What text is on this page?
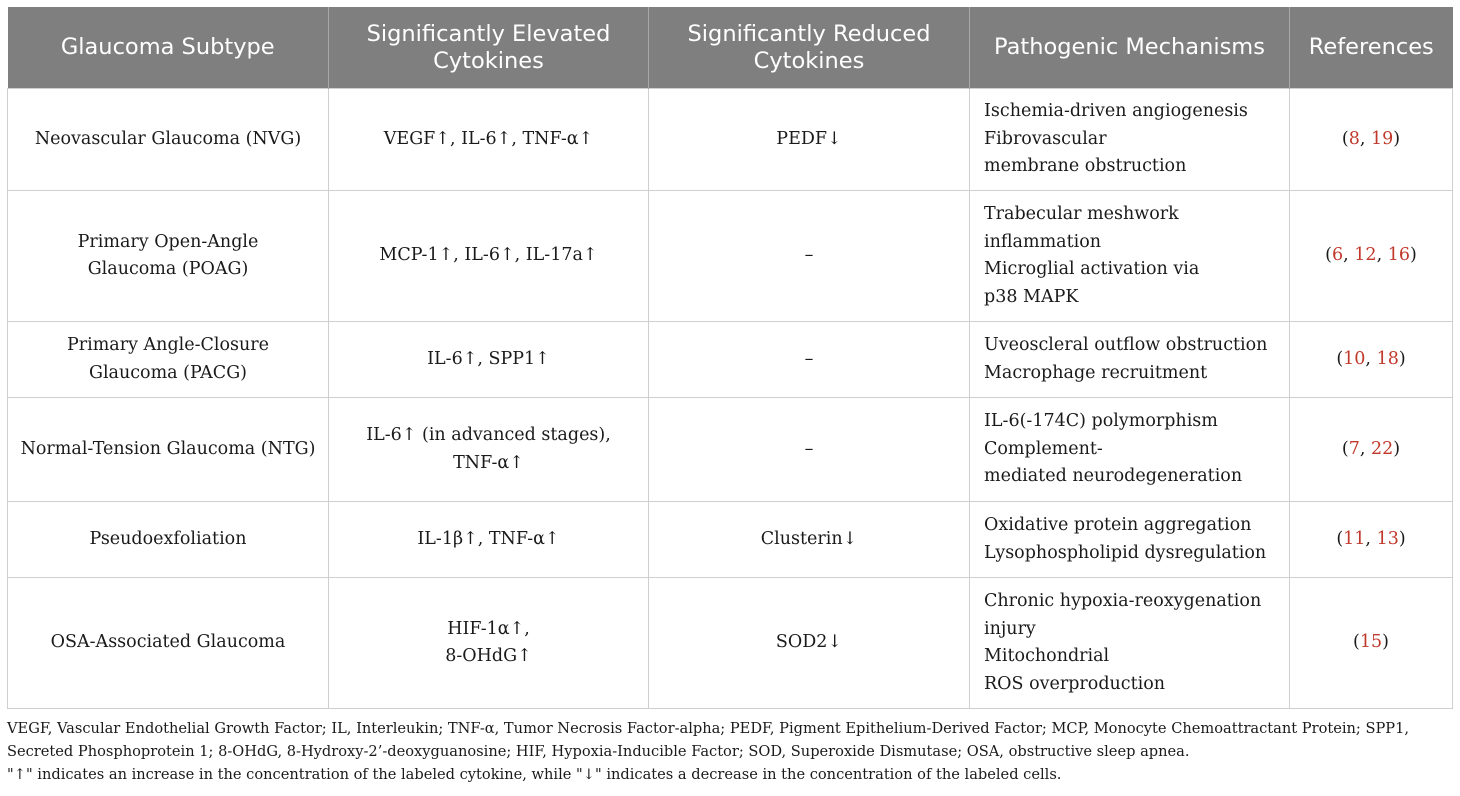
Glaucoma Subtype	Significantly Elevated Cytokines	Significantly Reduced Cytokines	Pathogenic Mechanisms	References

Neovascular Glaucoma (NVG)	VEGF↑, IL-6↑, TNF-α↑	PEDF↓	Ischemia-driven angiogenesis
Fibrovascular
membrane obstruction	(8, 19)

Primary Open-Angle
Glaucoma (POAG)	MCP-1↑, IL-6↑, IL-17a↑	–	Trabecular meshwork
inflammation
Microglial activation via
p38 MAPK	(6, 12, 16)

Primary Angle-Closure
Glaucoma (PACG)	IL-6↑, SPP1↑	–	Uveoscleral outflow obstruction
Macrophage recruitment	(10, 18)

Normal-Tension Glaucoma (NTG)	IL-6↑ (in advanced stages),
TNF-α↑	–	IL-6(-174C) polymorphism
Complement-
mediated neurodegeneration	(7, 22)

Pseudoexfoliation	IL-1β↑, TNF-α↑	Clusterin↓	Oxidative protein aggregation
Lysophospholipid dysregulation	(11, 13)

OSA-Associated Glaucoma	HIF-1α↑,
8-OHdG↑	SOD2↓	Chronic hypoxia-reoxygenation
injury
Mitochondrial
ROS overproduction	(15)
VEGF, Vascular Endothelial Growth Factor; IL, Interleukin; TNF-α, Tumor Necrosis Factor-alpha; PEDF, Pigment Epithelium-Derived Factor; MCP, Monocyte Chemoattractant Protein; SPP1,
Secreted Phosphoprotein 1; 8-OHdG, 8-Hydroxy-2’-deoxyguanosine; HIF, Hypoxia-Inducible Factor; SOD, Superoxide Dismutase; OSA, obstructive sleep apnea.
"↑" indicates an increase in the concentration of the labeled cytokine, while "↓" indicates a decrease in the concentration of the labeled cells.
